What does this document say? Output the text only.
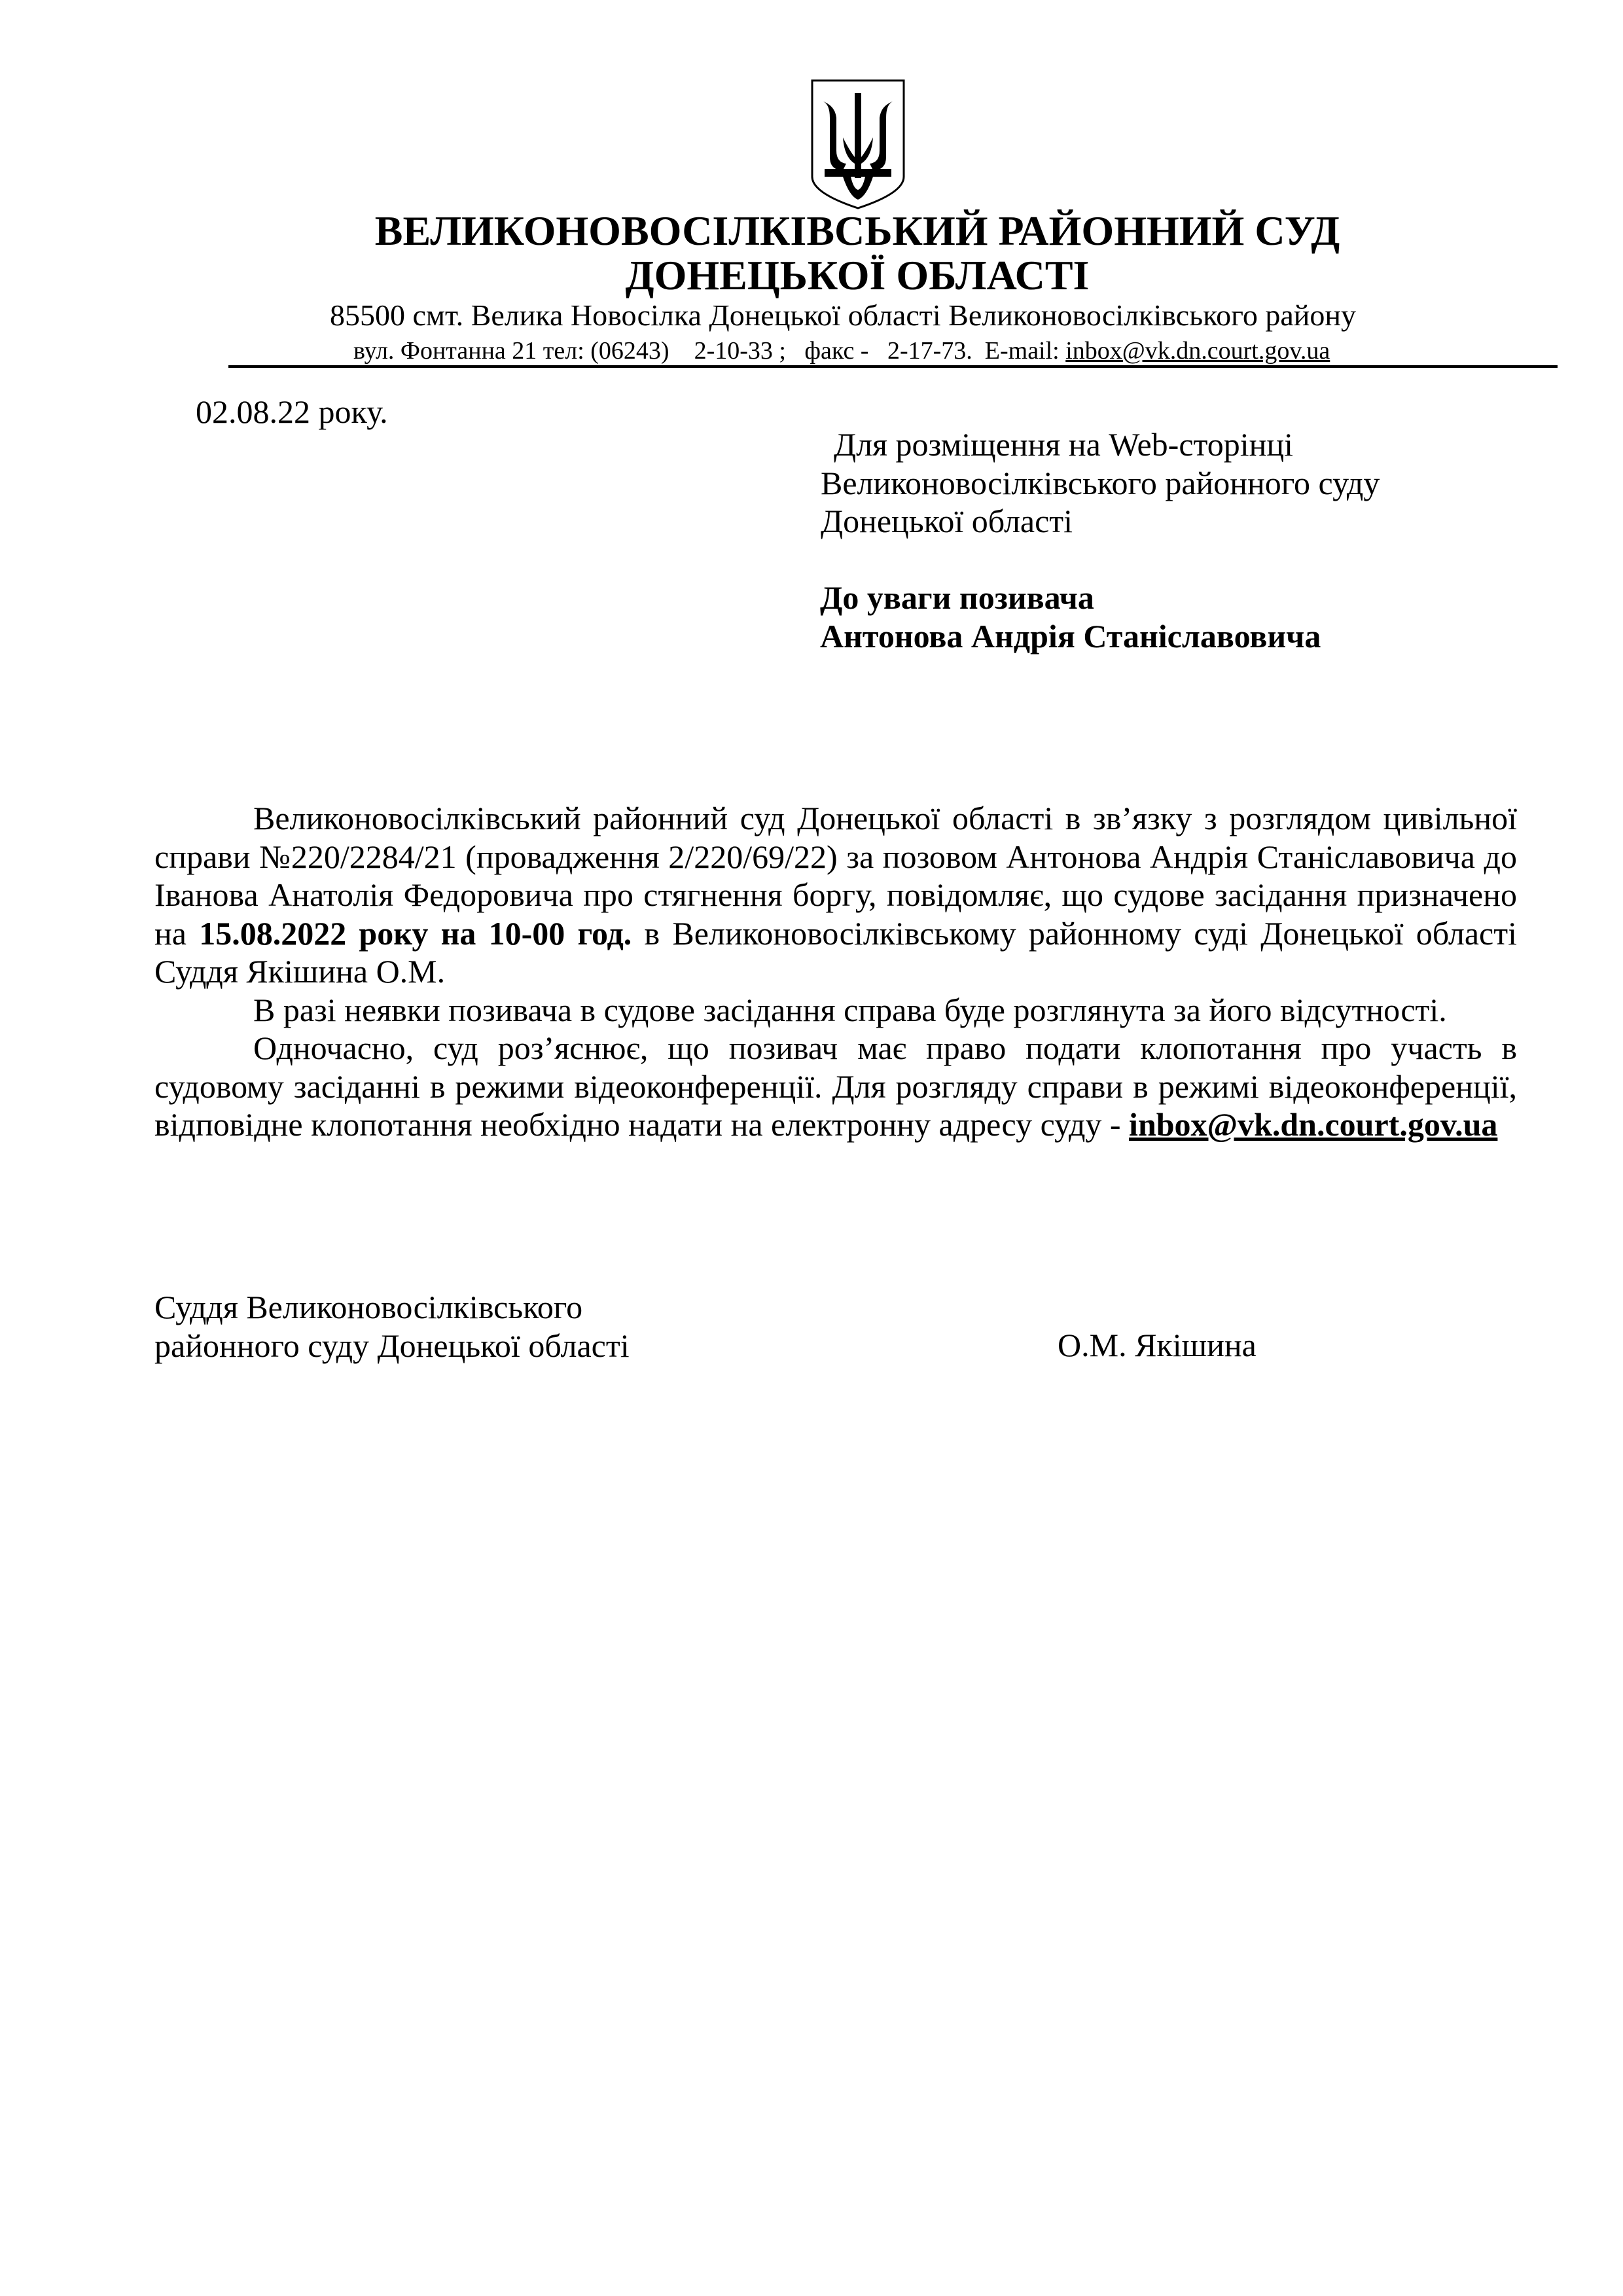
ВЕЛИКОНОВОСІЛКІВСЬКИЙ РАЙОННИЙ СУД
ДОНЕЦЬКОЇ ОБЛАСТІ
85500 смт. Велика Новосілка Донецької області Великоновосілківського району
вул. Фонтанна 21 тел: (06243)    2-10-33 ;   факс -   2-17-73.  E-mail: inbox@vk.dn.court.gov.ua
02.08.22 року.
Для розміщення на Web-сторінці
Великоновосілківського районного суду
Донецької області
До уваги позивача
Антонова Андрія Станіславовича

Великоновосілківський районний суд Донецької області в зв’язку з розглядом цивільної справи №220/2284/21 (провадження 2/220/69/22) за позовом Антонова Андрія Станіславовича до Іванова Анатолія Федоровича про стягнення боргу, повідомляє, що судове засідання призначено на 15.08.2022 року на 10-00 год. в Великоновосілківському районному суді Донецької області Суддя Якішина О.М.

В разі неявки позивача в судове засідання справа буде розглянута за його відсутності.

Одночасно, суд роз’яснює, що позивач має право подати клопотання про участь в судовому засіданні в режими відеоконференції. Для розгляду справи в режимі відеоконференції, відповідне клопотання необхідно надати на електронну адресу суду - inbox@vk.dn.court.gov.ua

Суддя Великоновосілківського
районного суду Донецької області	О.М. Якішина
